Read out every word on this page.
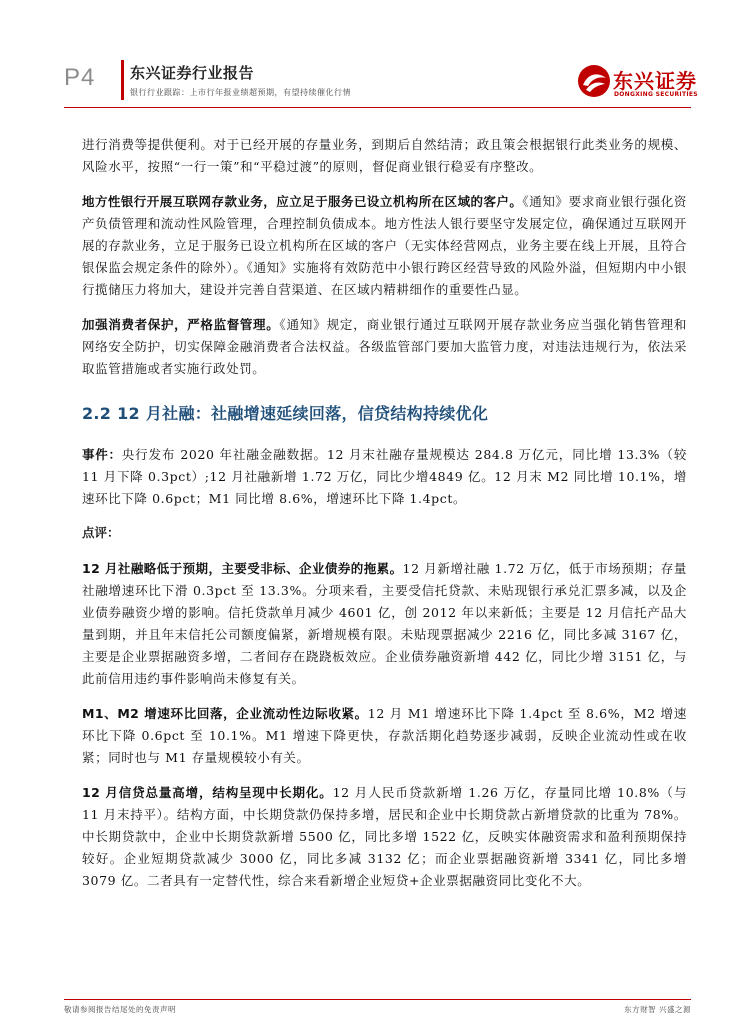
P4 东兴证券行业报告
银行行业跟踪：上市行年报业绩超预期，有望持续催化行情	东兴证券
DONGXING SECURITIES

进行消费等提供便利。对于已经开展的存量业务，到期后自然结清；政且策会根据银行此类业务的规模、风险水平，按照“一行一策”和“平稳过渡”的原则，督促商业银行稳妥有序整改。

地方性银行开展互联网存款业务，应立足于服务已设立机构所在区域的客户。《通知》要求商业银行强化资产负债管理和流动性风险管理，合理控制负债成本。地方性法人银行要坚守发展定位，确保通过互联网开展的存款业务，立足于服务已设立机构所在区域的客户（无实体经营网点，业务主要在线上开展，且符合银保监会规定条件的除外）。《通知》实施将有效防范中小银行跨区经营导致的风险外溢，但短期内中小银行揽储压力将加大，建设并完善自营渠道、在区域内精耕细作的重要性凸显。

加强消费者保护，严格监督管理。《通知》规定，商业银行通过互联网开展存款业务应当强化销售管理和网络安全防护，切实保障金融消费者合法权益。各级监管部门要加大监管力度，对违法违规行为，依法采取监管措施或者实施行政处罚。

2.2 12 月社融：社融增速延续回落，信贷结构持续优化

事件：央行发布 2020 年社融金融数据。12 月末社融存量规模达 284.8 万亿元，同比增 13.3%（较 11 月下降 0.3pct）;12 月社融新增 1.72 万亿，同比少增4849 亿。12 月末 M2 同比增 10.1%，增速环比下降 0.6pct；M1 同比增 8.6%，增速环比下降 1.4pct。

点评：

12 月社融略低于预期，主要受非标、企业债券的拖累。12 月新增社融 1.72 万亿，低于市场预期；存量社融增速环比下滑 0.3pct 至 13.3%。分项来看，主要受信托贷款、未贴现银行承兑汇票多减，以及企业债券融资少增的影响。信托贷款单月减少 4601 亿，创 2012 年以来新低；主要是 12 月信托产品大量到期，并且年末信托公司额度偏紧，新增规模有限。未贴现票据减少 2216 亿，同比多减 3167 亿，主要是企业票据融资多增，二者间存在跷跷板效应。企业债券融资新增 442 亿，同比少增 3151 亿，与此前信用违约事件影响尚未修复有关。

M1、M2 增速环比回落，企业流动性边际收紧。12 月 M1 增速环比下降 1.4pct 至 8.6%，M2 增速环比下降 0.6pct 至 10.1%。M1 增速下降更快，存款活期化趋势逐步减弱，反映企业流动性或在收紧；同时也与 M1 存量规模较小有关。

12 月信贷总量高增，结构呈现中长期化。12 月人民币贷款新增 1.26 万亿，存量同比增 10.8%（与 11 月末持平）。结构方面，中长期贷款仍保持多增，居民和企业中长期贷款占新增贷款的比重为 78%。中长期贷款中，企业中长期贷款新增 5500 亿，同比多增 1522 亿，反映实体融资需求和盈利预期保持较好。企业短期贷款减少 3000 亿，同比多减 3132 亿；而企业票据融资新增 3341 亿，同比多增 3079 亿。二者具有一定替代性，综合来看新增企业短贷+企业票据融资同比变化不大。

敬请参阅报告结尾处的免责声明	东方财智 兴盛之源
